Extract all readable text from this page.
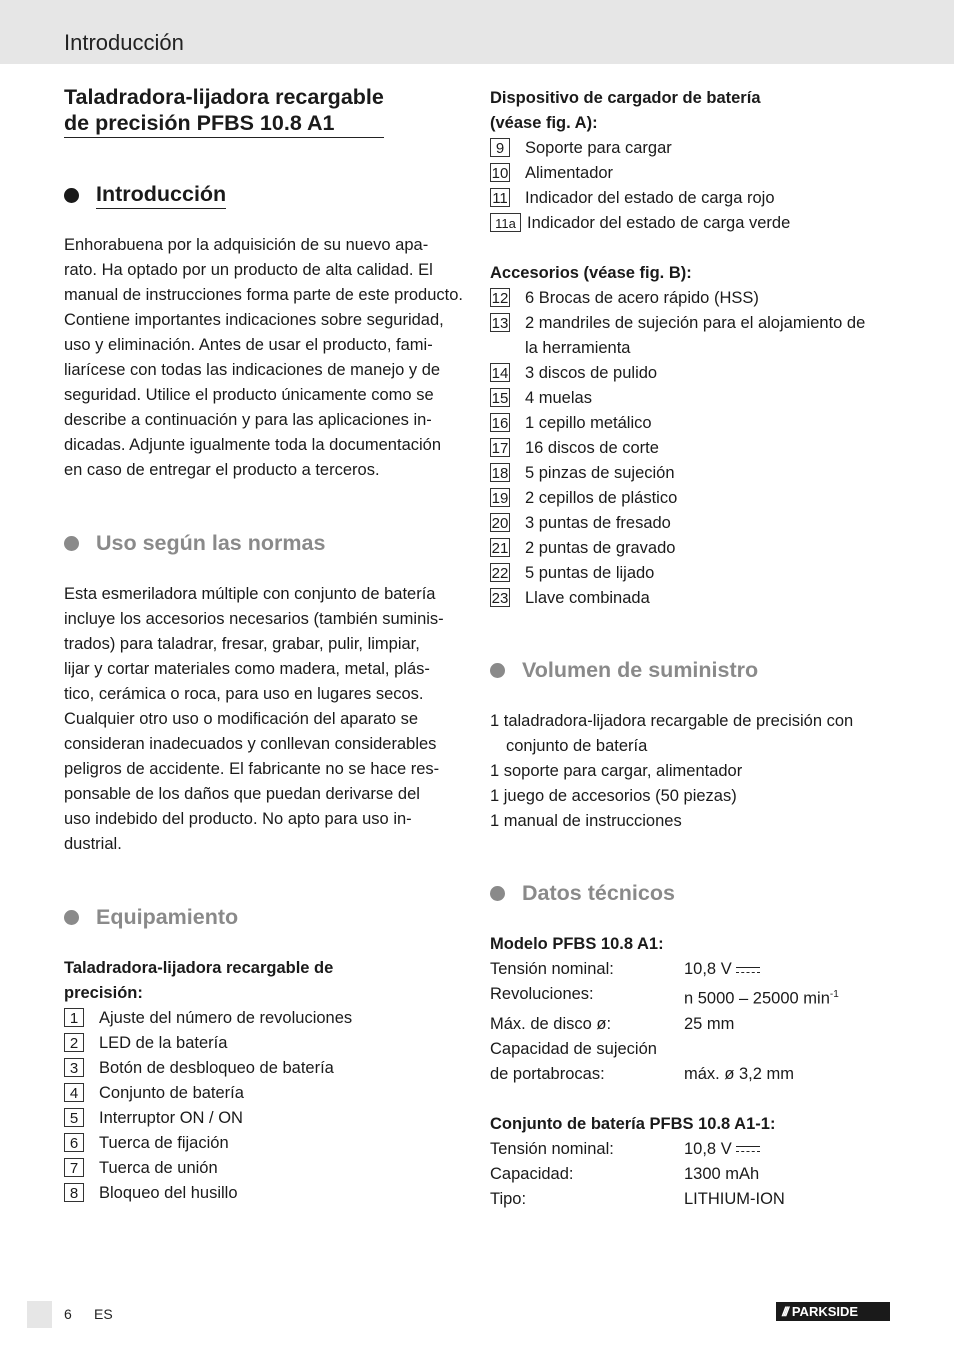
Introducción
Taladradora-lijadora recargable
de precisión PFBS 10.8 A1
Introducción
Enhorabuena por la adquisición de su nuevo apa-
rato. Ha optado por un producto de alta calidad. El
manual de instrucciones forma parte de este producto.
Contiene importantes indicaciones sobre seguridad,
uso y eliminación. Antes de usar el producto, fami-
liarícese con todas las indicaciones de manejo y de
seguridad. Utilice el producto únicamente como se
describe a continuación y para las aplicaciones in-
dicadas. Adjunte igualmente toda la documentación
en caso de entregar el producto a terceros.
Uso según las normas
Esta esmeriladora múltiple con conjunto de batería
incluye los accesorios necesarios (también suminis-
trados) para taladrar, fresar, grabar, pulir, limpiar,
lijar y cortar materiales como madera, metal, plás-
tico, cerámica o roca, para uso en lugares secos.
Cualquier otro uso o modificación del aparato se
consideran inadecuados y conllevan considerables
peligros de accidente. El fabricante no se hace res-
ponsable de los daños que puedan derivarse del
uso indebido del producto. No apto para uso in-
dustrial.
Equipamiento
Taladradora-lijadora recargable de
precisión:
1	Ajuste del número de revoluciones
2	LED de la batería
3	Botón de desbloqueo de batería
4	Conjunto de batería
5	Interruptor ON / ON
6	Tuerca de fijación
7	Tuerca de unión
8	Bloqueo del husillo
Dispositivo de cargador de batería
(véase fig. A):
9	Soporte para cargar
10 Alimentador
11 Indicador del estado de carga rojo
11a Indicador del estado de carga verde
Accesorios (véase fig. B):
12 6 Brocas de acero rápido (HSS)
13 2 mandriles de sujeción para el alojamiento de la herramienta
14 3 discos de pulido
15 4 muelas
16 1 cepillo metálico
17 16 discos de corte
18 5 pinzas de sujeción
19 2 cepillos de plástico
20 3 puntas de fresado
21 2 puntas de gravado
22 5 puntas de lijado
23 Llave combinada
Volumen de suministro
1 taladradora-lijadora recargable de precisión con conjunto de batería
1 soporte para cargar, alimentador
1 juego de accesorios (50 piezas)
1 manual de instrucciones
Datos técnicos
Modelo PFBS 10.8 A1:
Tensión nominal:	10,8 V
Revoluciones:	n 5000 – 25000 $\min^{-1}$
Máx. de disco ø:	25 mm
Capacidad de sujeción
de portabrocas:	máx. ø 3,2 mm
Conjunto de batería PFBS 10.8 A1-1:
Tensión nominal:	10,8 V
Capacidad:	1300 mAh
Tipo:	LITHIUM-ION
6 ES	/// PARKSIDE
